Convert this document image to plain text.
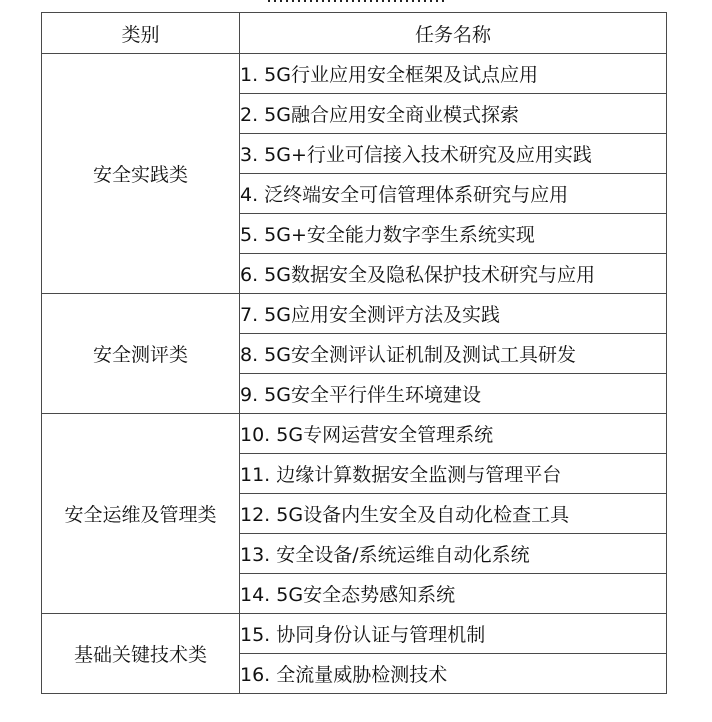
类别	任务名称
安全实践类	1. 5G行业应用安全框架及试点应用
	2. 5G融合应用安全商业模式探索
	3. 5G+行业可信接入技术研究及应用实践
	4. 泛终端安全可信管理体系研究与应用
	5. 5G+安全能力数字孪生系统实现
	6. 5G数据安全及隐私保护技术研究与应用
安全测评类	7. 5G应用安全测评方法及实践
	8. 5G安全测评认证机制及测试工具研发
	9. 5G安全平行伴生环境建设
安全运维及管理类	10. 5G专网运营安全管理系统
	11. 边缘计算数据安全监测与管理平台
	12. 5G设备内生安全及自动化检查工具
	13. 安全设备/系统运维自动化系统
	14. 5G安全态势感知系统
基础关键技术类	15. 协同身份认证与管理机制
	16. 全流量威胁检测技术
